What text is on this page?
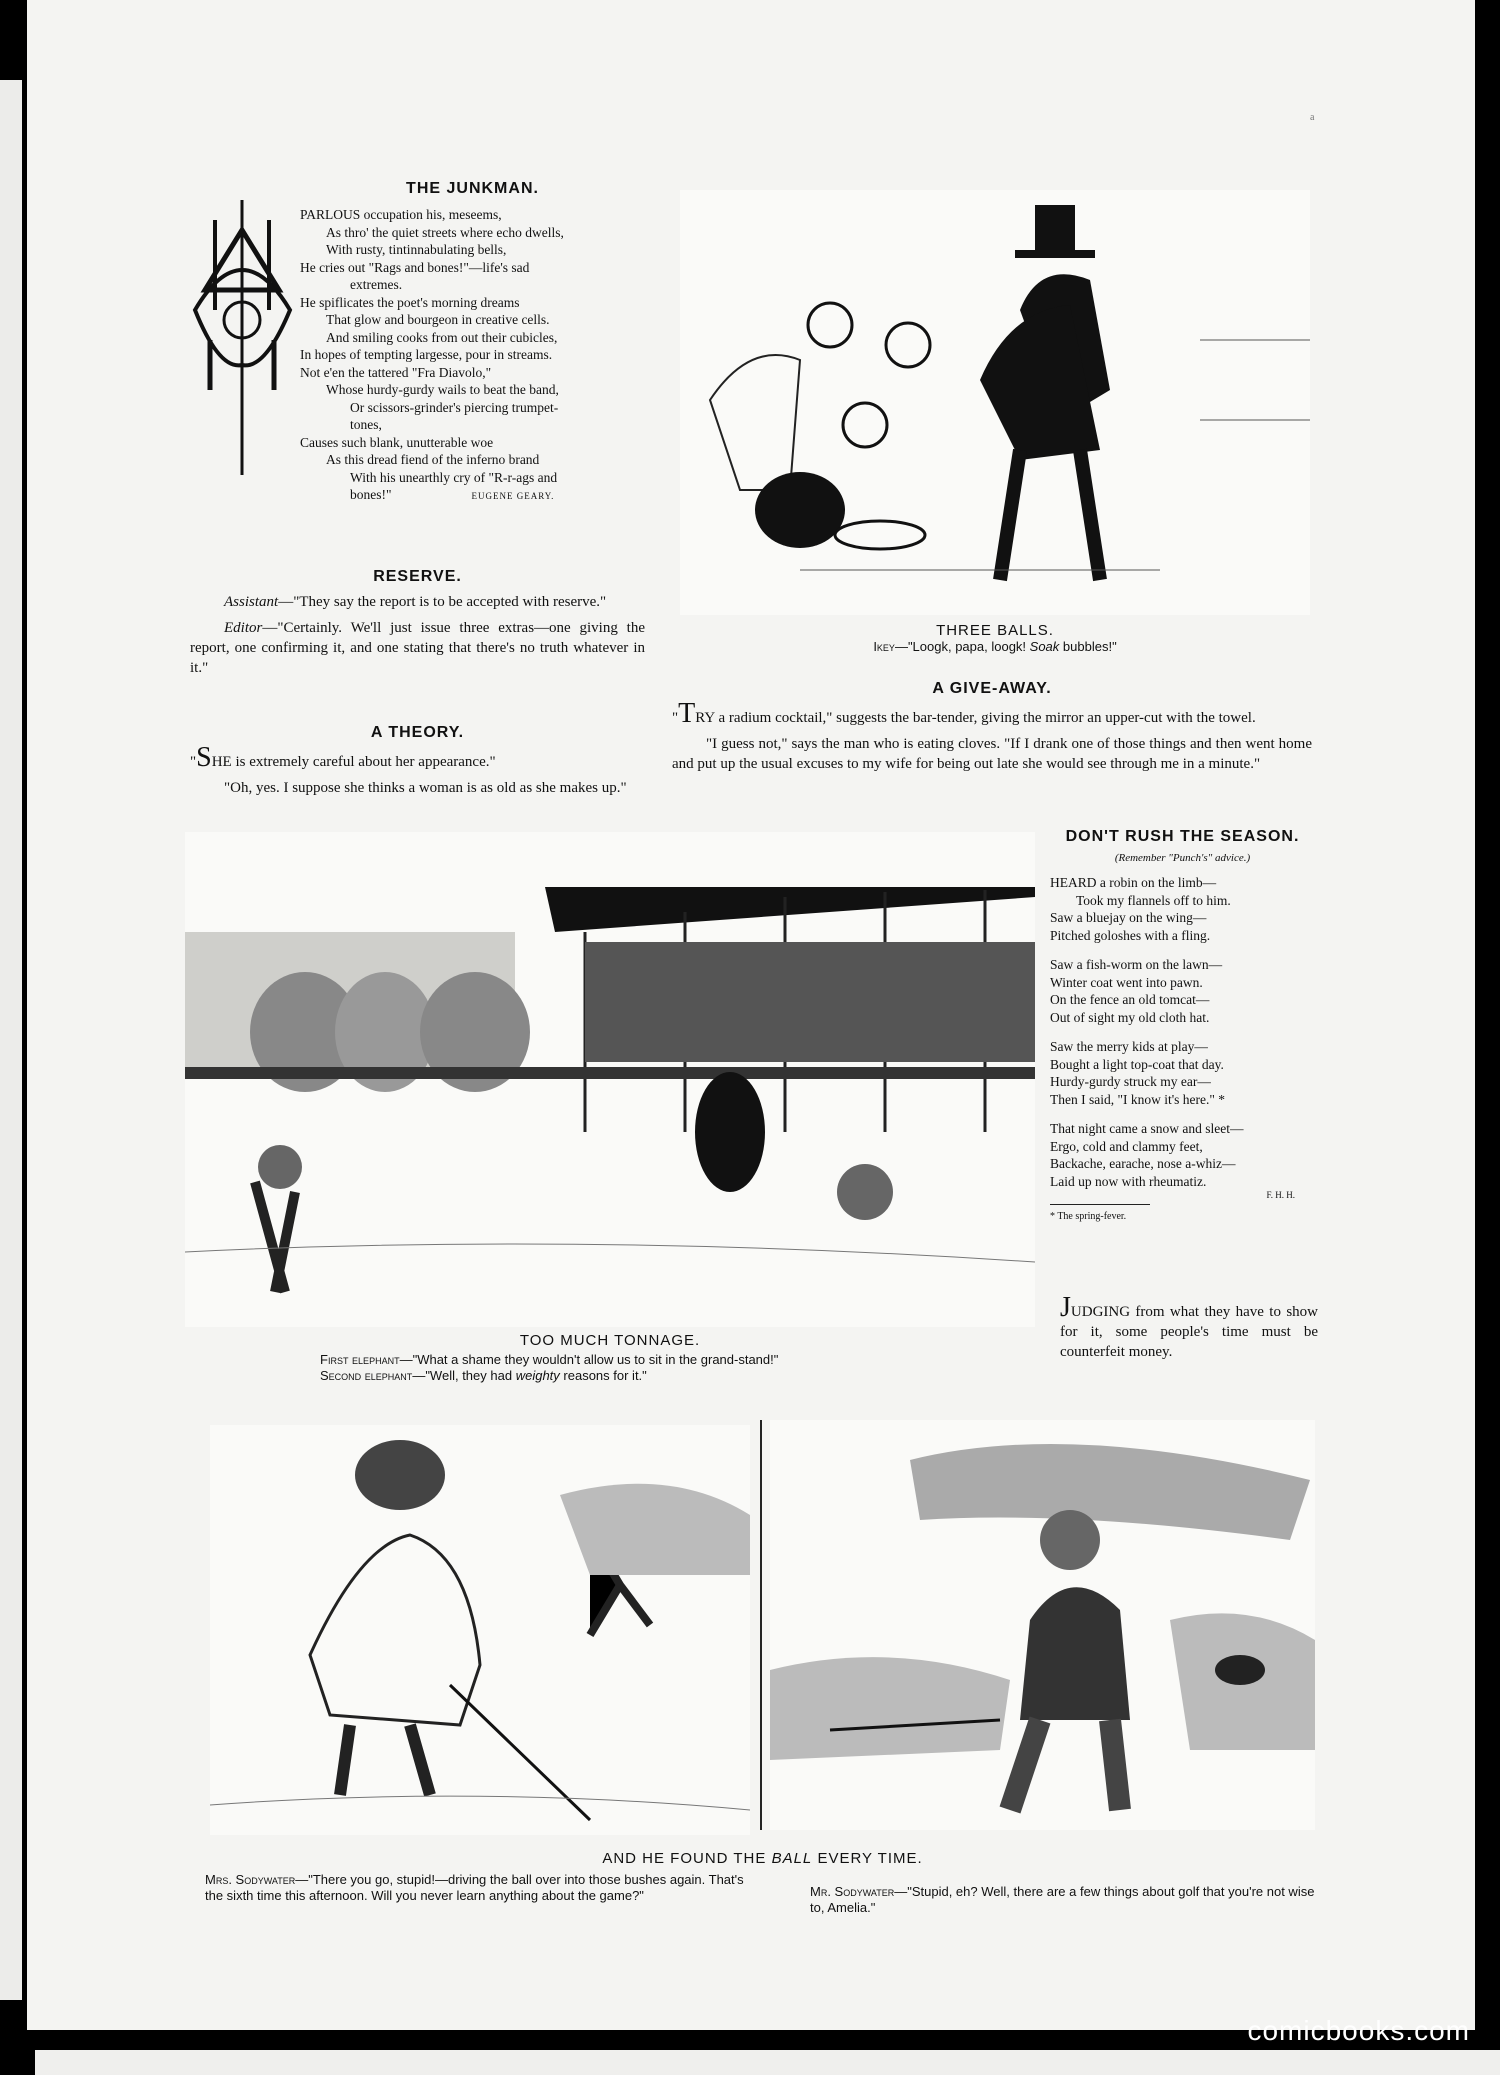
a
THE JUNKMAN.
PARLOUS occupation his, meseems,
As thro' the quiet streets where echo dwells,
With rusty, tintinnabulating bells,
He cries out "Rags and bones!"—life's sad
extremes.
He spiflicates the poet's morning dreams
That glow and bourgeon in creative cells.
And smiling cooks from out their cubicles,
In hopes of tempting largesse, pour in streams.
Not e'en the tattered "Fra Diavolo,"
Whose hurdy-gurdy wails to beat the band,
Or scissors-grinder's piercing trumpet-
tones,
Causes such blank, unutterable woe
As this dread fiend of the inferno brand
With his unearthly cry of "R-r-ags and
bones!"	EUGENE GEARY.
RESERVE.

Assistant—"They say the report is to be accepted with reserve."

Editor—"Certainly. We'll just issue three extras—one giving the report, one confirming it, and one stating that there's no truth whatever in it."

A THEORY.

"SHE is extremely careful about her appearance."

"Oh, yes. I suppose she thinks a woman is as old as she makes up."

THREE BALLS.
Ikey—"Loogk, papa, loogk! Soak bubbles!"
A GIVE-AWAY.

"TRY a radium cocktail," suggests the bar-tender, giving the mirror an upper-cut with the towel.

"I guess not," says the man who is eating cloves. "If I drank one of those things and then went home and put up the usual excuses to my wife for being out late she would see through me in a minute."

TOO MUCH TONNAGE.
First elephant—"What a shame they wouldn't allow us to sit in the grand-stand!"
Second elephant—"Well, they had weighty reasons for it."
DON'T RUSH THE SEASON.
(Remember "Punch's" advice.)
HEARD a robin on the limb—
Took my flannels off to him.
Saw a bluejay on the wing—
Pitched goloshes with a fling.
Saw a fish-worm on the lawn—
Winter coat went into pawn.
On the fence an old tomcat—
Out of sight my old cloth hat.
Saw the merry kids at play—
Bought a light top-coat that day.
Hurdy-gurdy struck my ear—
Then I said, "I know it's here." *
That night came a snow and sleet—
Ergo, cold and clammy feet,
Backache, earache, nose a-whiz—
Laid up now with rheumatiz.
F. H. H.
* The spring-fever.

JUDGING from what they have to show for it, some people's time must be counterfeit money.

AND HE FOUND THE BALL EVERY TIME.
Mrs. Sodywater—"There you go, stupid!—driving the ball over into those bushes again. That's the sixth time this afternoon. Will you never learn anything about the game?"	Mr. Sodywater—"Stupid, eh? Well, there are a few things about golf that you're not wise to, Amelia."
comicbooks.com
